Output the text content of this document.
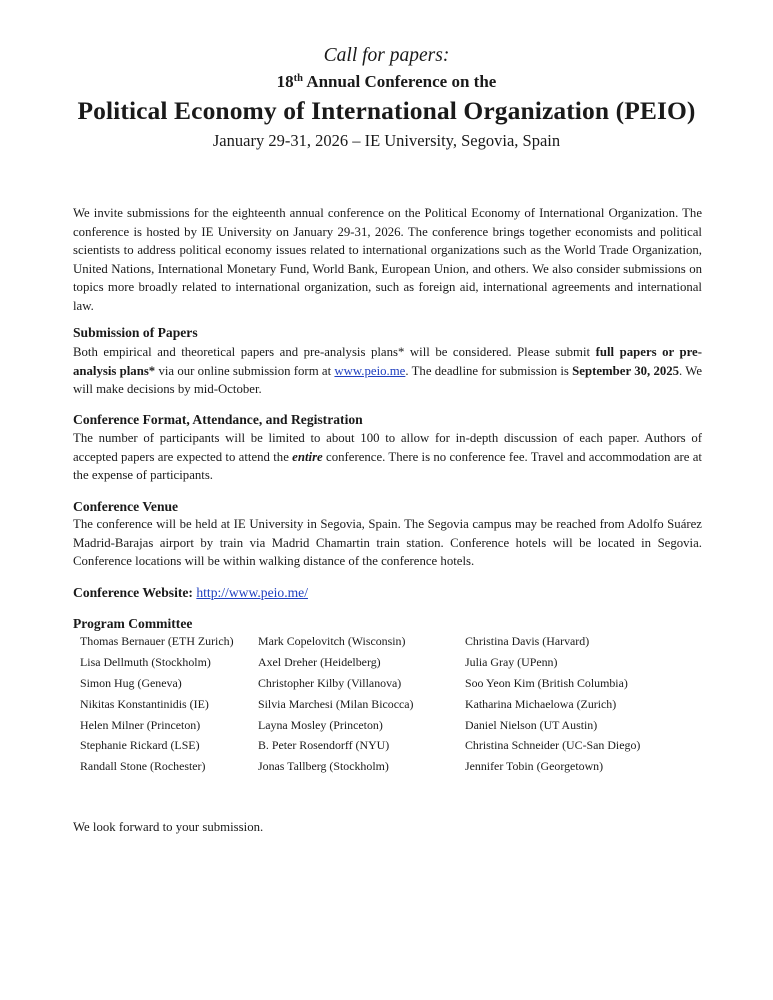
Call for papers:
18th Annual Conference on the
Political Economy of International Organization (PEIO)
January 29-31, 2026 – IE University, Segovia, Spain

We invite submissions for the eighteenth annual conference on the Political Economy of International Organization. The conference is hosted by IE University on January 29-31, 2026. The conference brings together economists and political scientists to address political economy issues related to international organizations such as the World Trade Organization, United Nations, International Monetary Fund, World Bank, European Union, and others. We also consider submissions on topics more broadly related to international organization, such as foreign aid, international agreements and international law.

Submission of Papers

Both empirical and theoretical papers and pre-analysis plans* will be considered. Please submit full papers or pre-analysis plans* via our online submission form at www.peio.me. The deadline for submission is September 30, 2025. We will make decisions by mid-October.

Conference Format, Attendance, and Registration

The number of participants will be limited to about 100 to allow for in-depth discussion of each paper. Authors of accepted papers are expected to attend the entire conference. There is no conference fee. Travel and accommodation are at the expense of participants.

Conference Venue

The conference will be held at IE University in Segovia, Spain. The Segovia campus may be reached from Adolfo Suárez Madrid-Barajas airport by train via Madrid Chamartin train station. Conference hotels will be located in Segovia. Conference locations will be within walking distance of the conference hotels.

Conference Website: http://www.peio.me/
Program Committee
Thomas Bernauer (ETH Zurich)	Mark Copelovitch (Wisconsin)	Christina Davis (Harvard)
Lisa Dellmuth (Stockholm)	Axel Dreher (Heidelberg)	Julia Gray (UPenn)
Simon Hug (Geneva)	Christopher Kilby (Villanova)	Soo Yeon Kim (British Columbia)
Nikitas Konstantinidis (IE)	Silvia Marchesi (Milan Bicocca)	Katharina Michaelowa (Zurich)
Helen Milner (Princeton)	Layna Mosley (Princeton)	Daniel Nielson (UT Austin)
Stephanie Rickard (LSE)	B. Peter Rosendorff (NYU)	Christina Schneider (UC-San Diego)
Randall Stone (Rochester)	Jonas Tallberg (Stockholm)	Jennifer Tobin (Georgetown)

We look forward to your submission.
